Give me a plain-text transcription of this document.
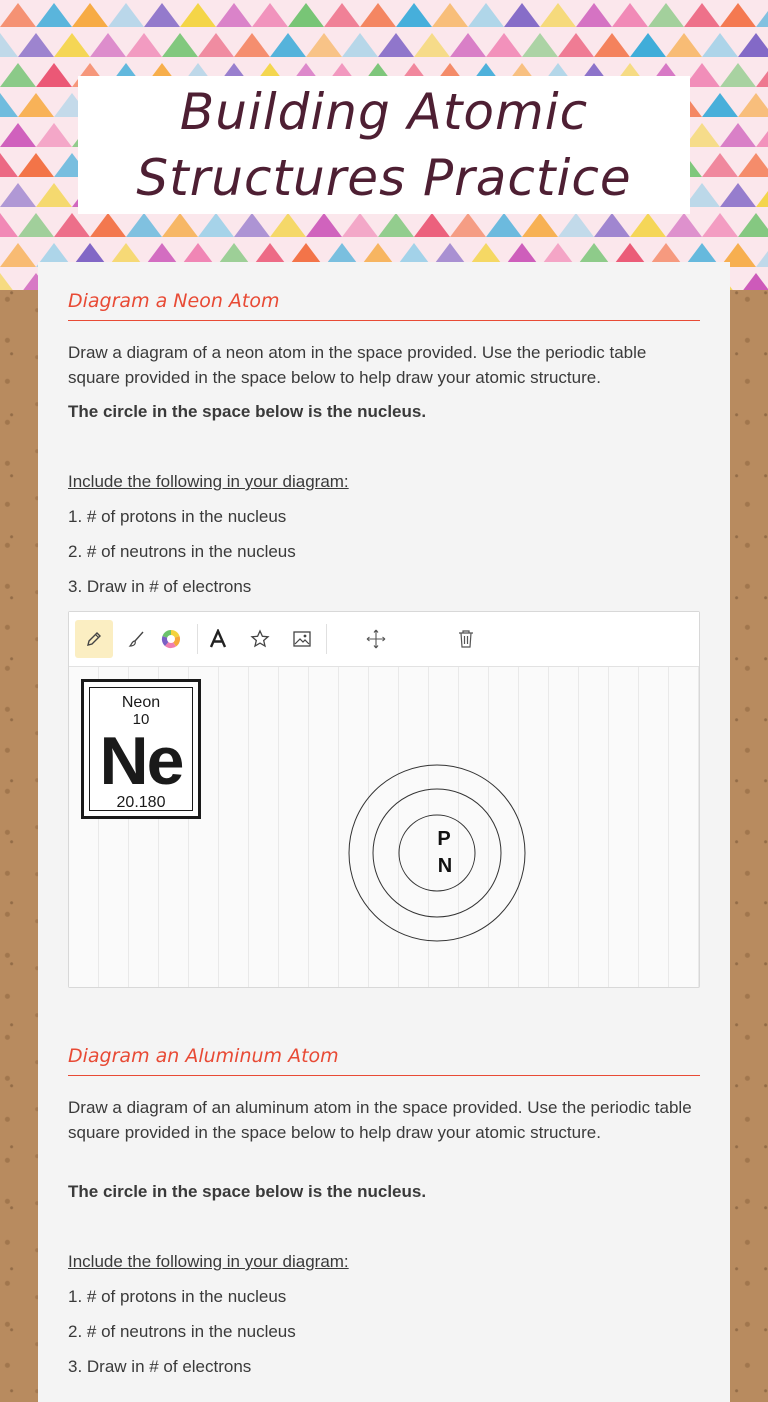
Building Atomic
Structures Practice
Diagram a Neon Atom
Draw a diagram of a neon atom in the space provided. Use the periodic table square provided in the space below to help draw your atomic structure.
The circle in the space below is the nucleus.
Include the following in your diagram:
1. # of protons in the nucleus
2. # of neutrons in the nucleus
3. Draw in # of electrons
Neon
10
Ne
20.180
P
N
Diagram an Aluminum Atom
Draw a diagram of an aluminum atom in the space provided. Use the periodic table square provided in the space below to help draw your atomic structure.
The circle in the space below is the nucleus.
Include the following in your diagram:
1. # of protons in the nucleus
2. # of neutrons in the nucleus
3. Draw in # of electrons
